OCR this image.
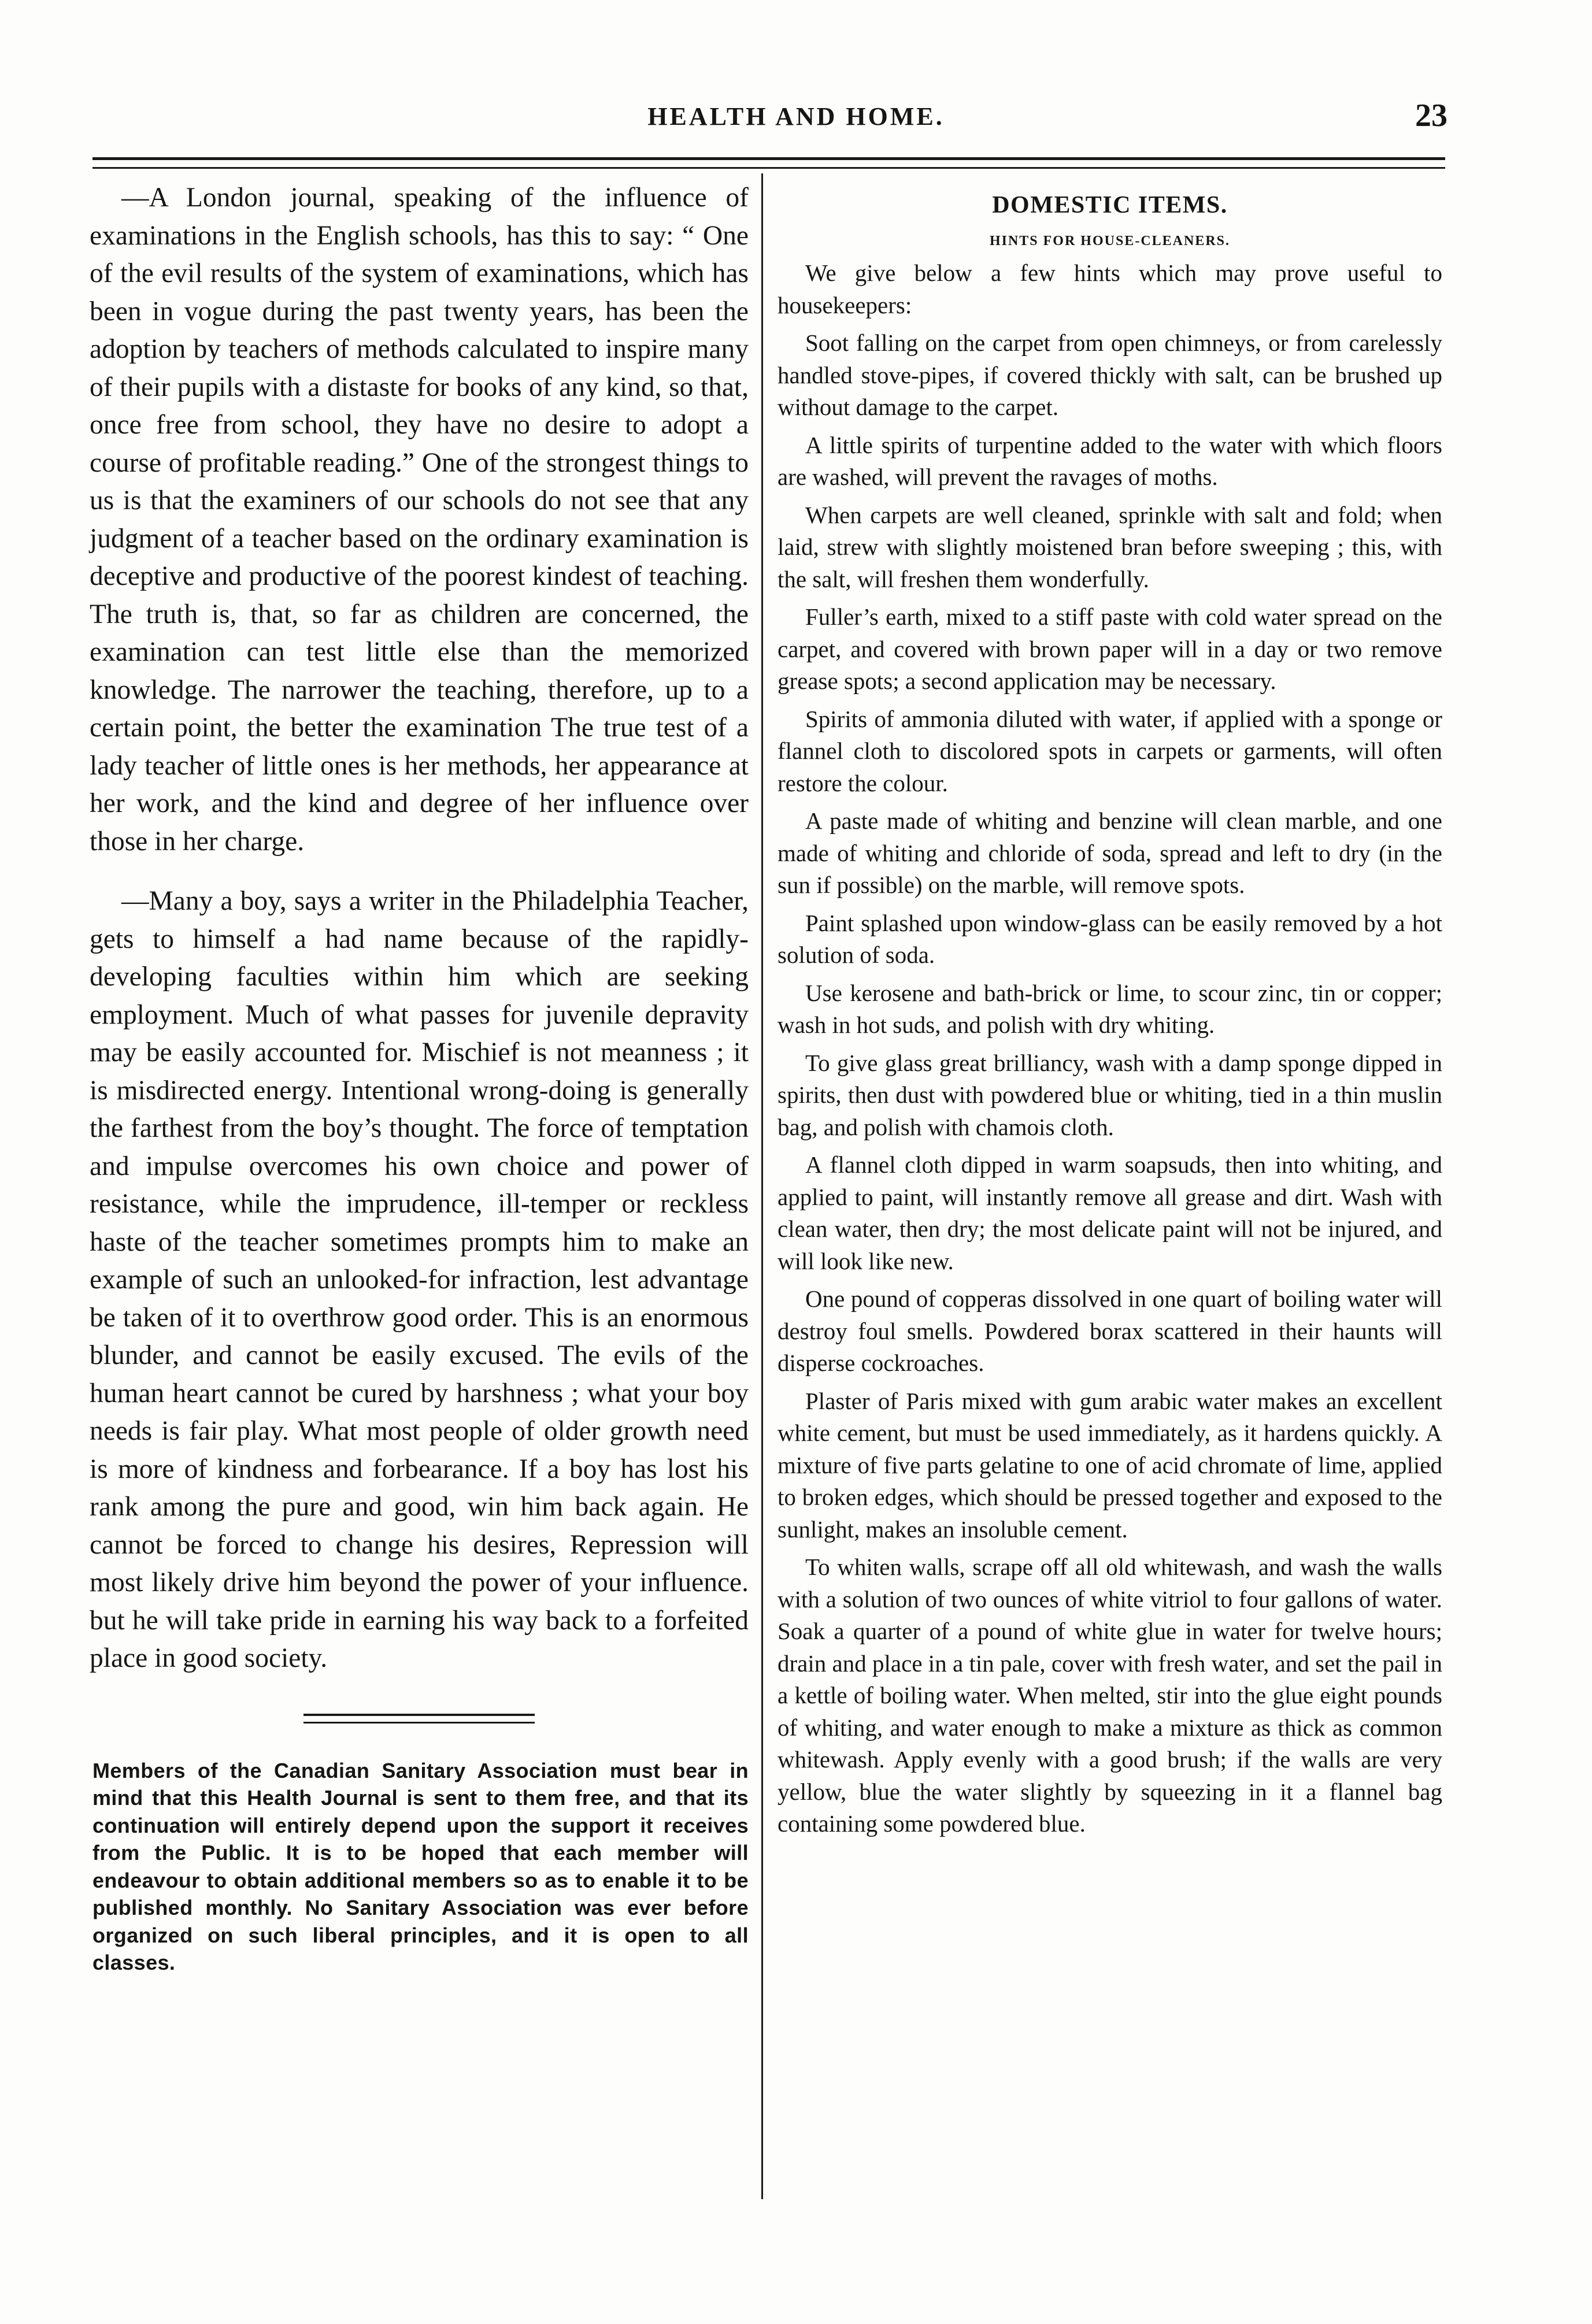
HEALTH AND HOME.	23

—A London journal, speaking of the influence of examinations in the English schools, has this to say: “ One of the evil results of the system of examinations, which has been in vogue during the past twenty years, has been the adoption by teachers of methods calculated to inspire many of their pupils with a distaste for books of any kind, so that, once free from school, they have no desire to adopt a course of profitable reading.” One of the strongest things to us is that the examiners of our schools do not see that any judgment of a teacher based on the ordinary examination is deceptive and productive of the poorest kindest of teaching. The truth is, that, so far as children are concerned, the examination can test little else than the memorized knowledge. The narrower the teaching, therefore, up to a certain point, the better the examination The true test of a lady teacher of little ones is her methods, her appearance at her work, and the kind and degree of her influence over those in her charge.

—Many a boy, says a writer in the Philadelphia Teacher, gets to himself a had name because of the rapidly-developing faculties within him which are seeking employment. Much of what passes for juvenile depravity may be easily accounted for. Mischief is not meanness ; it is misdirected energy. Intentional wrong-doing is generally the farthest from the boy’s thought. The force of temptation and impulse overcomes his own choice and power of resistance, while the imprudence, ill-temper or reckless haste of the teacher sometimes prompts him to make an example of such an unlooked-for infraction, lest advantage be taken of it to overthrow good order. This is an enormous blunder, and cannot be easily excused. The evils of the human heart cannot be cured by harshness ; what your boy needs is fair play. What most people of older growth need is more of kindness and forbearance. If a boy has lost his rank among the pure and good, win him back again. He cannot be forced to change his desires, Repression will most likely drive him beyond the power of your influence. but he will take pride in earning his way back to a forfeited place in good society.

Members of the Canadian Sanitary Association must bear in mind that this Health Journal is sent to them free, and that its continuation will entirely depend upon the support it receives from the Public. It is to be hoped that each member will endeavour to obtain additional members so as to enable it to be published monthly. No Sanitary Association was ever before organized on such liberal principles, and it is open to all classes.
DOMESTIC ITEMS.
HINTS FOR HOUSE-CLEANERS.

We give below a few hints which may prove useful to housekeepers:

Soot falling on the carpet from open chimneys, or from carelessly handled stove-pipes, if covered thickly with salt, can be brushed up without damage to the carpet.

A little spirits of turpentine added to the water with which floors are washed, will prevent the ravages of moths.

When carpets are well cleaned, sprinkle with salt and fold; when laid, strew with slightly moistened bran before sweeping ; this, with the salt, will freshen them wonderfully.

Fuller’s earth, mixed to a stiff paste with cold water spread on the carpet, and covered with brown paper will in a day or two remove grease spots; a second application may be necessary.

Spirits of ammonia diluted with water, if applied with a sponge or flannel cloth to discolored spots in carpets or garments, will often restore the colour.

A paste made of whiting and benzine will clean marble, and one made of whiting and chloride of soda, spread and left to dry (in the sun if possible) on the marble, will remove spots.

Paint splashed upon window-glass can be easily removed by a hot solution of soda.

Use kerosene and bath-brick or lime, to scour zinc, tin or copper; wash in hot suds, and polish with dry whiting.

To give glass great brilliancy, wash with a damp sponge dipped in spirits, then dust with powdered blue or whiting, tied in a thin muslin bag, and polish with chamois cloth.

A flannel cloth dipped in warm soapsuds, then into whiting, and applied to paint, will instantly remove all grease and dirt. Wash with clean water, then dry; the most delicate paint will not be injured, and will look like new.

One pound of copperas dissolved in one quart of boiling water will destroy foul smells. Powdered borax scattered in their haunts will disperse cockroaches.

Plaster of Paris mixed with gum arabic water makes an excellent white cement, but must be used immediately, as it hardens quickly. A mixture of five parts gelatine to one of acid chromate of lime, applied to broken edges, which should be pressed together and exposed to the sunlight, makes an insoluble cement.

To whiten walls, scrape off all old whitewash, and wash the walls with a solution of two ounces of white vitriol to four gallons of water. Soak a quarter of a pound of white glue in water for twelve hours; drain and place in a tin pale, cover with fresh water, and set the pail in a kettle of boiling water. When melted, stir into the glue eight pounds of whiting, and water enough to make a mixture as thick as common whitewash. Apply evenly with a good brush; if the walls are very yellow, blue the water slightly by squeezing in it a flannel bag containing some powdered blue.
